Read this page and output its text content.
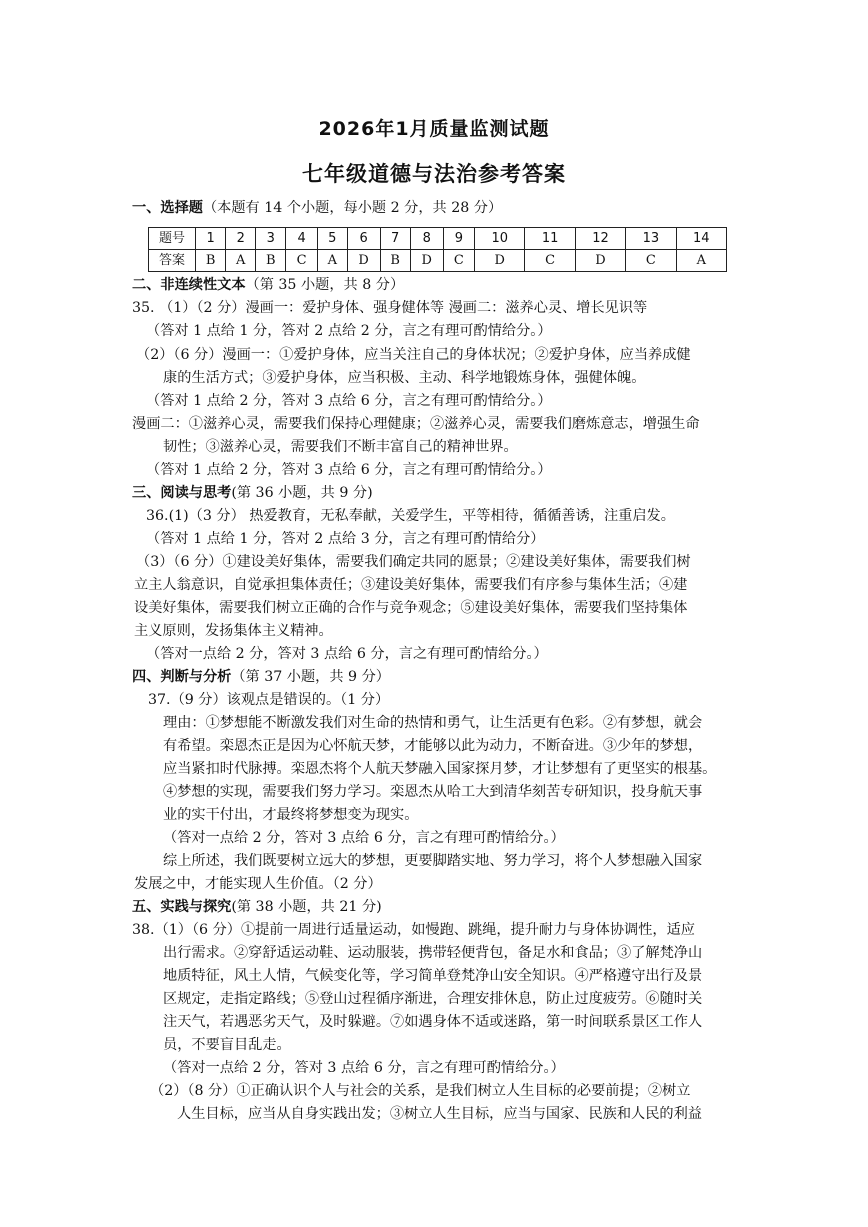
2026年1月质量监测试题
七年级道德与法治参考答案
一、选择题（本题有 14 个小题，每小题 2 分，共 28 分）
题号	1	2	3	4	5	6	7	8	9	10	11	12	13	14
答案	B	A	B	C	A	D	B	D	C	D	C	D	C	A
二、非连续性文本（第 35 小题，共 8 分）
35. （1）（2 分）漫画一：爱护身体、强身健体等 漫画二：滋养心灵、增长见识等
（答对 1 点给 1 分，答对 2 点给 2 分，言之有理可酌情给分。）
（2）（6 分）漫画一：①爱护身体，应当关注自己的身体状况；②爱护身体，应当养成健
康的生活方式；③爱护身体，应当积极、主动、科学地锻炼身体，强健体魄。
（答对 1 点给 2 分，答对 3 点给 6 分，言之有理可酌情给分。）
漫画二：①滋养心灵，需要我们保持心理健康；②滋养心灵，需要我们磨炼意志，增强生命
韧性；③滋养心灵，需要我们不断丰富自己的精神世界。
（答对 1 点给 2 分，答对 3 点给 6 分，言之有理可酌情给分。）
三、阅读与思考(第 36 小题，共 9 分)
36.(1)（3 分） 热爱教育，无私奉献，关爱学生，平等相待，循循善诱，注重启发。
（答对 1 点给 1 分，答对 2 点给 3 分，言之有理可酌情给分）
（3）（6 分）①建设美好集体，需要我们确定共同的愿景；②建设美好集体，需要我们树
立主人翁意识，自觉承担集体责任；③建设美好集体，需要我们有序参与集体生活；④建
设美好集体，需要我们树立正确的合作与竞争观念；⑤建设美好集体，需要我们坚持集体
主义原则，发扬集体主义精神。
（答对一点给 2 分，答对 3 点给 6 分，言之有理可酌情给分。）
四、判断与分析（第 37 小题，共 9 分）
37.（9 分）该观点是错误的。（1 分）
理由：①梦想能不断激发我们对生命的热情和勇气，让生活更有色彩。②有梦想，就会
有希望。栾恩杰正是因为心怀航天梦，才能够以此为动力，不断奋进。③少年的梦想，
应当紧扣时代脉搏。栾恩杰将个人航天梦融入国家探月梦，才让梦想有了更坚实的根基。
④梦想的实现，需要我们努力学习。栾恩杰从哈工大到清华刻苦专研知识，投身航天事
业的实干付出，才最终将梦想变为现实。
（答对一点给 2 分，答对 3 点给 6 分，言之有理可酌情给分。）
综上所述，我们既要树立远大的梦想，更要脚踏实地、努力学习，将个人梦想融入国家
发展之中，才能实现人生价值。（2 分）
五、实践与探究(第 38 小题，共 21 分)
38.（1）（6 分）①提前一周进行适量运动，如慢跑、跳绳，提升耐力与身体协调性，适应
出行需求。②穿舒适运动鞋、运动服装，携带轻便背包，备足水和食品；③了解梵净山
地质特征，风土人情，气候变化等，学习简单登梵净山安全知识。④严格遵守出行及景
区规定，走指定路线；⑤登山过程循序渐进，合理安排休息，防止过度疲劳。⑥随时关
注天气，若遇恶劣天气，及时躲避。⑦如遇身体不适或迷路，第一时间联系景区工作人
员，不要盲目乱走。
（答对一点给 2 分，答对 3 点给 6 分，言之有理可酌情给分。）
（2）（8 分）①正确认识个人与社会的关系，是我们树立人生目标的必要前提；②树立
人生目标，应当从自身实践出发；③树立人生目标，应当与国家、民族和人民的利益
